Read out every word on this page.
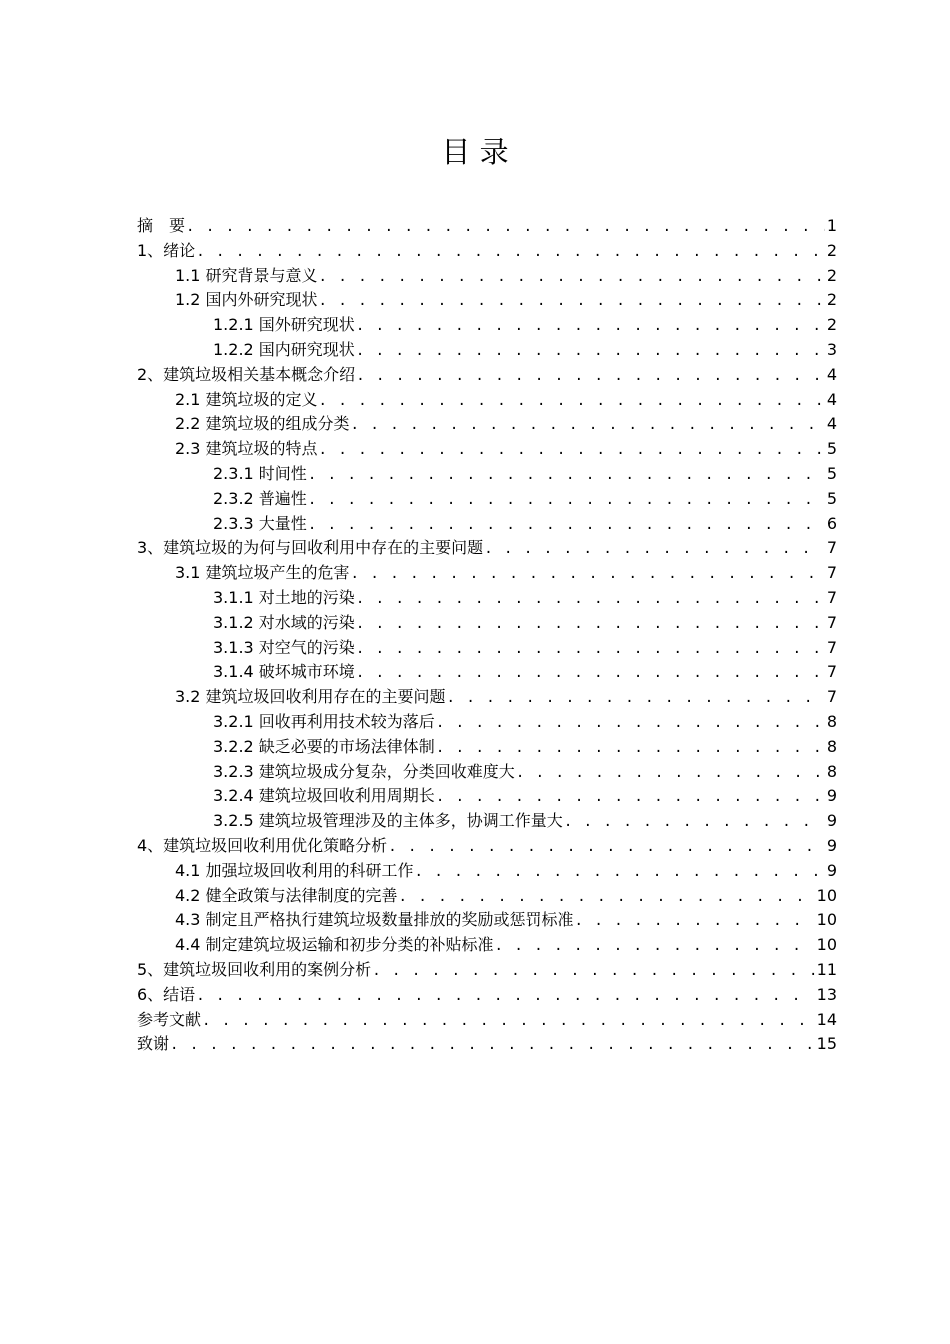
目 录
摘　要 . . .	1
1、绪论 . . .	2
1.1 研究背景与意义 . . .	2
1.2 国内外研究现状 . . .	2
1.2.1 国外研究现状 . . .	2
1.2.2 国内研究现状 . . .	3
2、建筑垃圾相关基本概念介绍 . . .	4
2.1 建筑垃圾的定义 . . .	4
2.2 建筑垃圾的组成分类 . . .	4
2.3 建筑垃圾的特点 . . .	5
2.3.1 时间性 . . .	5
2.3.2 普遍性 . . .	5
2.3.3 大量性 . . .	6
3、建筑垃圾的为何与回收利用中存在的主要问题 . . .	7
3.1 建筑垃圾产生的危害 . . .	7
3.1.1 对土地的污染 . . .	7
3.1.2 对水域的污染 . . .	7
3.1.3 对空气的污染 . . .	7
3.1.4 破坏城市环境 . . .	7
3.2 建筑垃圾回收利用存在的主要问题 . . .	7
3.2.1 回收再利用技术较为落后 . . .	8
3.2.2 缺乏必要的市场法律体制 . . .	8
3.2.3 建筑垃圾成分复杂，分类回收难度大 . . .	8
3.2.4 建筑垃圾回收利用周期长 . . .	9
3.2.5 建筑垃圾管理涉及的主体多，协调工作量大 . . .	9
4、建筑垃圾回收利用优化策略分析 . . .	9
4.1 加强垃圾回收利用的科研工作 . . .	9
4.2 健全政策与法律制度的完善 . . .	10
4.3 制定且严格执行建筑垃圾数量排放的奖励或惩罚标准 . . .	10
4.4 制定建筑垃圾运输和初步分类的补贴标准 . . .	10
5、建筑垃圾回收利用的案例分析 . . .	11
6、结语 . . .	13
参考文献 . . .	14
致谢 . . .	15
